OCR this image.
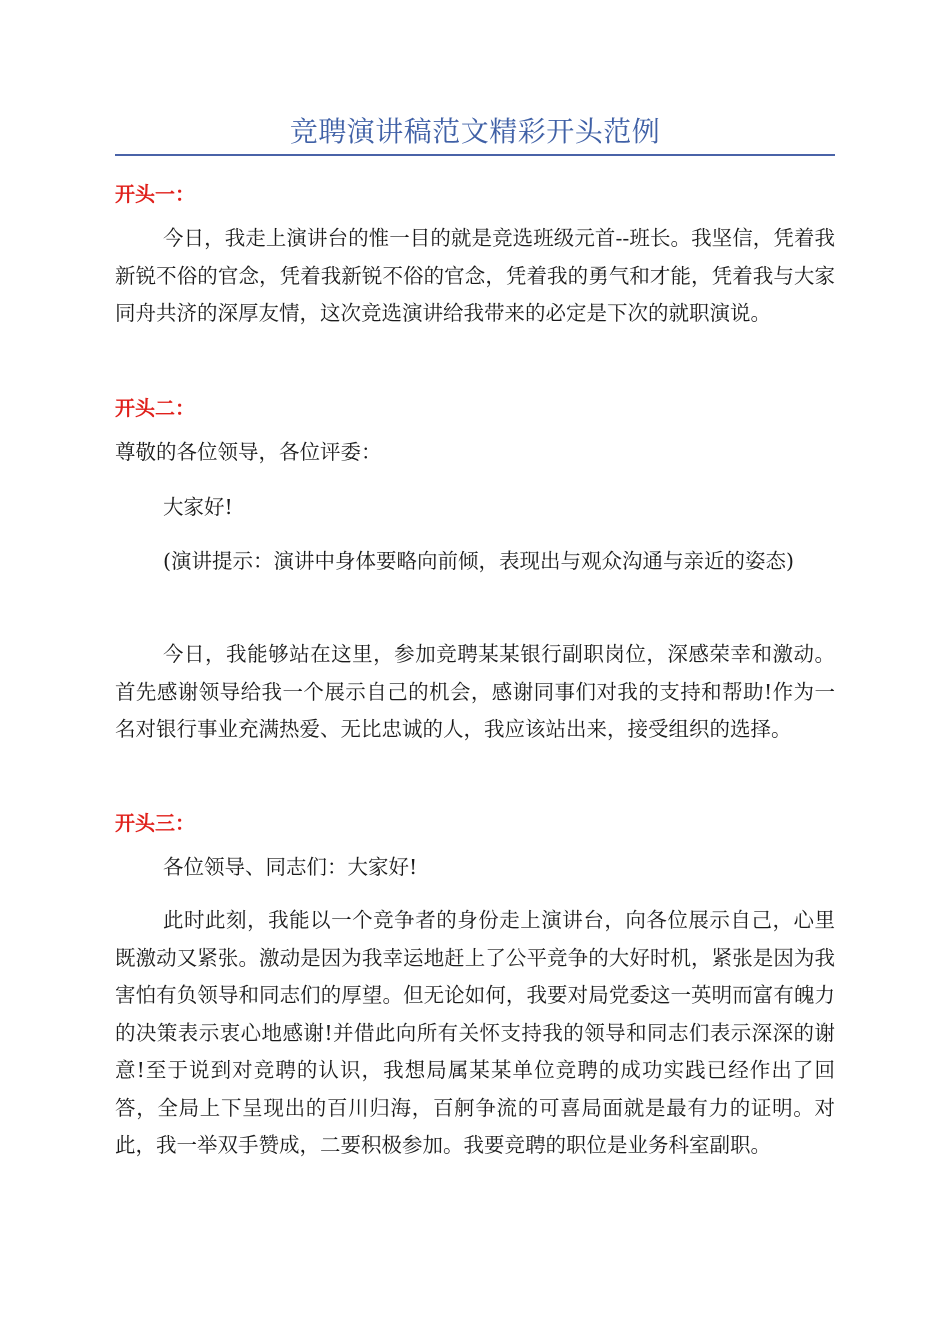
竞聘演讲稿范文精彩开头范例
开头一：

今日，我走上演讲台的惟一目的就是竞选班级元首--班长。我坚信，凭着我新锐不俗的官念，凭着我新锐不俗的官念，凭着我的勇气和才能，凭着我与大家同舟共济的深厚友情，这次竞选演讲给我带来的必定是下次的就职演说。

开头二：

尊敬的各位领导，各位评委：

大家好!

(演讲提示：演讲中身体要略向前倾，表现出与观众沟通与亲近的姿态)

今日，我能够站在这里，参加竞聘某某银行副职岗位，深感荣幸和激动。首先感谢领导给我一个展示自己的机会，感谢同事们对我的支持和帮助!作为一名对银行事业充满热爱、无比忠诚的人，我应该站出来，接受组织的选择。

开头三：

各位领导、同志们：大家好!

此时此刻，我能以一个竞争者的身份走上演讲台，向各位展示自己，心里既激动又紧张。激动是因为我幸运地赶上了公平竞争的大好时机，紧张是因为我害怕有负领导和同志们的厚望。但无论如何，我要对局党委这一英明而富有魄力的决策表示衷心地感谢!并借此向所有关怀支持我的领导和同志们表示深深的谢意!至于说到对竞聘的认识，我想局属某某单位竞聘的成功实践已经作出了回答，全局上下呈现出的百川归海，百舸争流的可喜局面就是最有力的证明。对此，我一举双手赞成，二要积极参加。我要竞聘的职位是业务科室副职。
